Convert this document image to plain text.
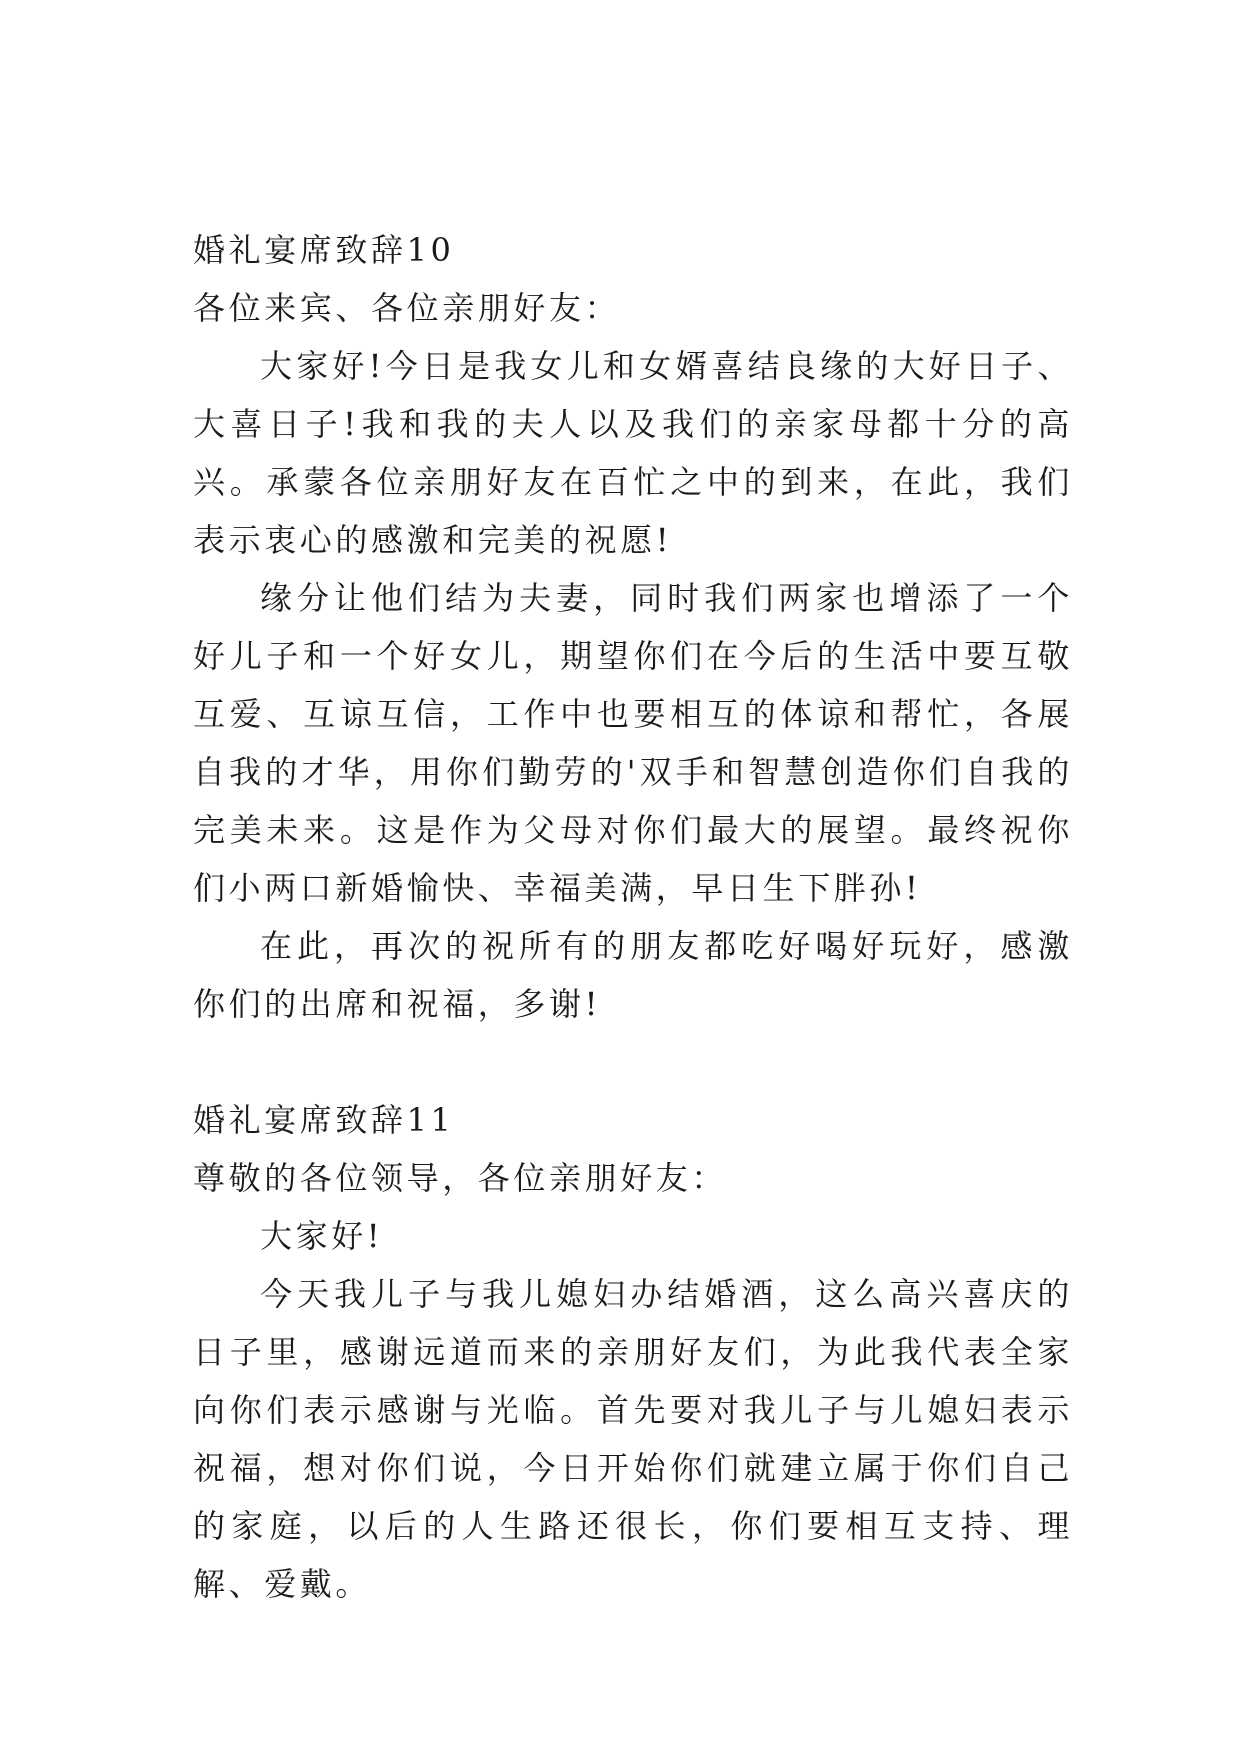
婚礼宴席致辞10

各位来宾、各位亲朋好友：

大家好!今日是我女儿和女婿喜结良缘的大好日子、大喜日子!我和我的夫人以及我们的亲家母都十分的高兴。承蒙各位亲朋好友在百忙之中的到来，在此，我们表示衷心的感激和完美的祝愿!

缘分让他们结为夫妻，同时我们两家也增添了一个好儿子和一个好女儿，期望你们在今后的生活中要互敬互爱、互谅互信，工作中也要相互的体谅和帮忙，各展自我的才华，用你们勤劳的'双手和智慧创造你们自我的完美未来。这是作为父母对你们最大的展望。最终祝你们小两口新婚愉快、幸福美满，早日生下胖孙!

在此，再次的祝所有的朋友都吃好喝好玩好，感激你们的出席和祝福，多谢!

婚礼宴席致辞11

尊敬的各位领导，各位亲朋好友：

大家好!

今天我儿子与我儿媳妇办结婚酒，这么高兴喜庆的日子里，感谢远道而来的亲朋好友们，为此我代表全家向你们表示感谢与光临。首先要对我儿子与儿媳妇表示祝福，想对你们说，今日开始你们就建立属于你们自己的家庭，以后的人生路还很长，你们要相互支持、理解、爱戴。
